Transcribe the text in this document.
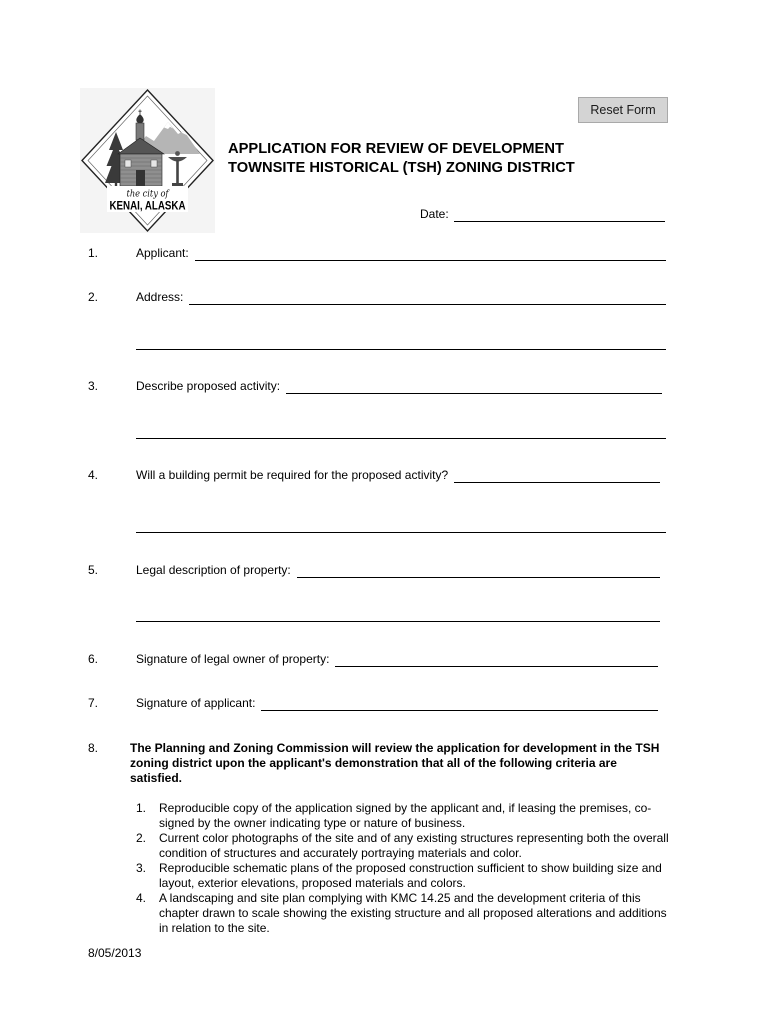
the city of
KENAI, ALASKA
Reset Form
APPLICATION FOR REVIEW OF DEVELOPMENT
TOWNSITE HISTORICAL (TSH) ZONING DISTRICT
Date:
1.	Applicant:
2.	Address:
3.	Describe proposed activity:
4.	Will a building permit be required for the proposed activity?
5.	Legal description of property:
6.	Signature of legal owner of property:
7.	Signature of applicant:
8.	The Planning and Zoning Commission will review the application for development in the TSH zoning district upon the applicant's demonstration that all of the following criteria are satisfied.
1.	Reproducible copy of the application signed by the applicant and, if leasing the premises, co-signed by the owner indicating type or nature of business.
2.	Current color photographs of the site and of any existing structures representing both the overall condition of structures and accurately portraying materials and color.
3.	Reproducible schematic plans of the proposed construction sufficient to show building size and layout, exterior elevations, proposed materials and colors.
4.	A landscaping and site plan complying with KMC 14.25 and the development criteria of this chapter drawn to scale showing the existing structure and all proposed alterations and additions in relation to the site.
8/05/2013
